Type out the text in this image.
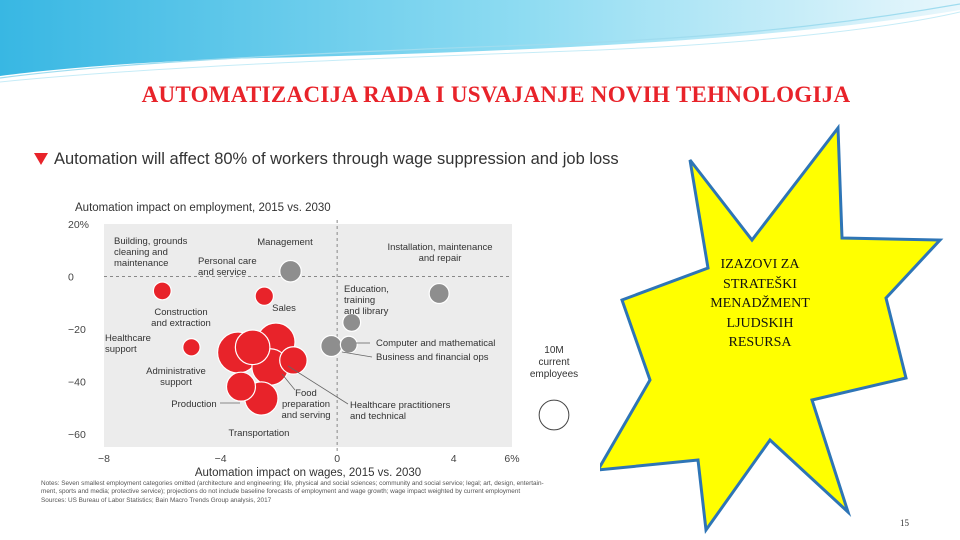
AUTOMATIZACIJA RADA I USVAJANJE NOVIH TEHNOLOGIJA
Automation will affect 80% of workers through wage suppression and job loss
Automation impact on employment, 2015 vs. 2030
20%
0
−20
−40
−60
−8	−4	0	4	6%
Automation impact on wages, 2015 vs. 2030
Building, grounds
cleaning and
maintenance	Personal care
and service
Management
Sales
Installation, maintenance
and repair
Education,
training
and library
Construction
and extraction
Healthcare
support
Computer and mathematical
Business and financial ops
Administrative
support
Healthcare practitioners
and technical
Food
preparation
and serving
Production
Transportation
10M
current
employees
Notes: Seven smallest employment categories omitted (architecture and engineering; life, physical and social sciences; community and social service; legal; art, design, entertain-
ment, sports and media; protective service); projections do not include baseline forecasts of employment and wage growth; wage impact weighted by current employment
Sources: US Bureau of Labor Statistics; Bain Macro Trends Group analysis, 2017
IZAZOVI ZA
STRATEŠKI
MENADŽMENT
LJUDSKIH
RESURSA
15
